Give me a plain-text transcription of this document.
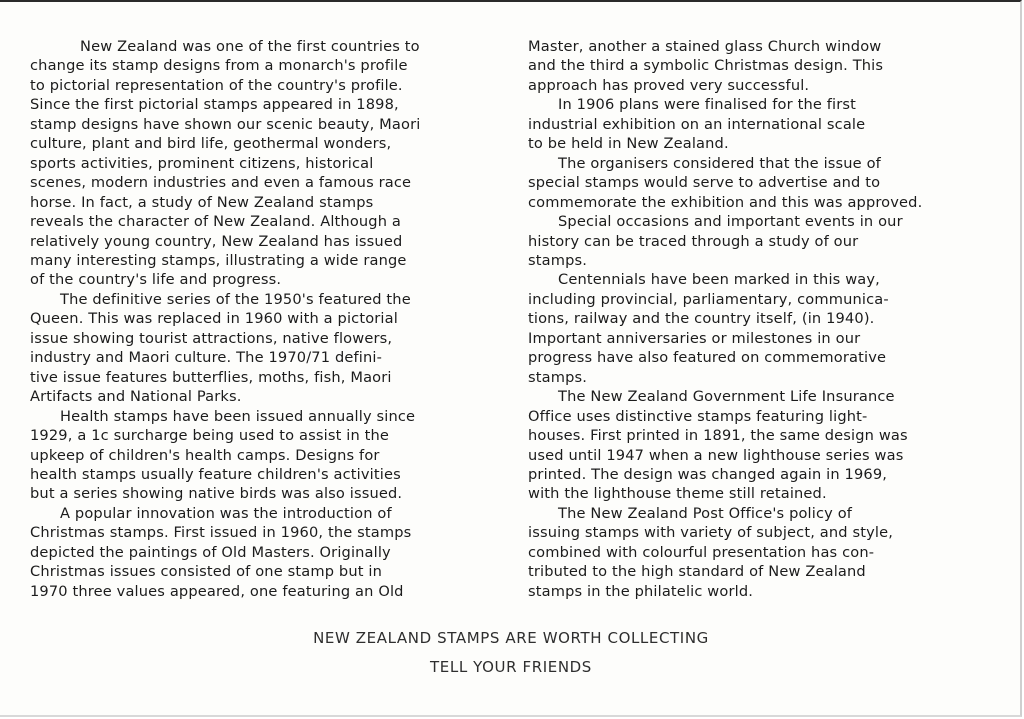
New Zealand was one of the first countries to
change its stamp designs from a monarch's profile
to pictorial representation of the country's profile.
Since the first pictorial stamps appeared in 1898,
stamp designs have shown our scenic beauty, Maori
culture, plant and bird life, geothermal wonders,
sports activities, prominent citizens, historical
scenes, modern industries and even a famous race
horse. In fact, a study of New Zealand stamps
reveals the character of New Zealand. Although a
relatively young country, New Zealand has issued
many interesting stamps, illustrating a wide range
of the country's life and progress.
The definitive series of the 1950's featured the
Queen. This was replaced in 1960 with a pictorial
issue showing tourist attractions, native flowers,
industry and Maori culture. The 1970/71 defini-
tive issue features butterflies, moths, fish, Maori
Artifacts and National Parks.
Health stamps have been issued annually since
1929, a 1c surcharge being used to assist in the
upkeep of children's health camps. Designs for
health stamps usually feature children's activities
but a series showing native birds was also issued.
A popular innovation was the introduction of
Christmas stamps. First issued in 1960, the stamps
depicted the paintings of Old Masters. Originally
Christmas issues consisted of one stamp but in
1970 three values appeared, one featuring an Old
Master, another a stained glass Church window
and the third a symbolic Christmas design. This
approach has proved very successful.
In 1906 plans were finalised for the first
industrial exhibition on an international scale
to be held in New Zealand.
The organisers considered that the issue of
special stamps would serve to advertise and to
commemorate the exhibition and this was approved.
Special occasions and important events in our
history can be traced through a study of our
stamps.
Centennials have been marked in this way,
including provincial, parliamentary, communica-
tions, railway and the country itself, (in 1940).
Important anniversaries or milestones in our
progress have also featured on commemorative
stamps.
The New Zealand Government Life Insurance
Office uses distinctive stamps featuring light-
houses. First printed in 1891, the same design was
used until 1947 when a new lighthouse series was
printed. The design was changed again in 1969,
with the lighthouse theme still retained.
The New Zealand Post Office's policy of
issuing stamps with variety of subject, and style,
combined with colourful presentation has con-
tributed to the high standard of New Zealand
stamps in the philatelic world.
NEW ZEALAND STAMPS ARE WORTH COLLECTING
TELL YOUR FRIENDS
